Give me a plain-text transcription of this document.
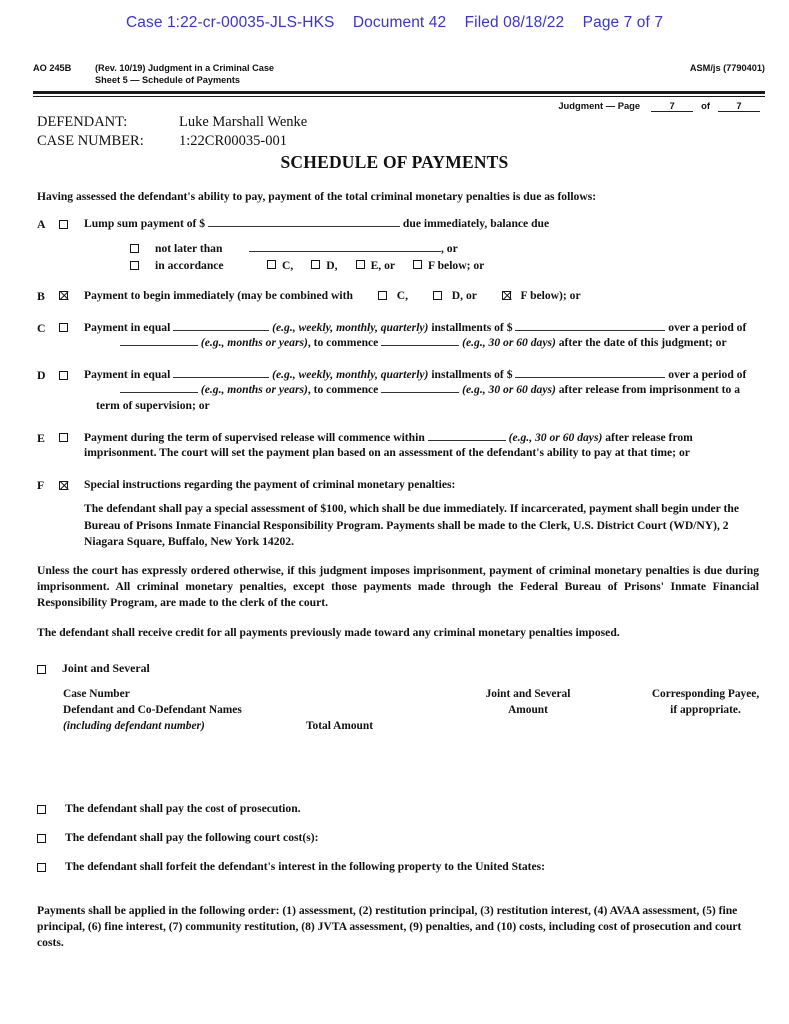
Case 1:22-cr-00035-JLS-HKS Document 42 Filed 08/18/22 Page 7 of 7
AO 245B	(Rev. 10/19) Judgment in a Criminal Case
Sheet 5 — Schedule of Payments
ASM/js (7790401)
Judgment — Page	7	of	7
DEFENDANT:	Luke Marshall Wenke
CASE NUMBER:	1:22CR00035-001
SCHEDULE OF PAYMENTS
Having assessed the defendant's ability to pay, payment of the total criminal monetary penalties is due as follows:
A	Lump sum payment of $	due immediately, balance due
not later than	, or
in accordance	C,	D,	E, or	F below; or
B	Payment to begin immediately (may be combined with	C,	D, or	F below); or
C	Payment in equal	(e.g., weekly, monthly, quarterly) installments of $	over a period of
(e.g., months or years), to commence	(e.g., 30 or 60 days) after the date of this judgment; or
D	Payment in equal	(e.g., weekly, monthly, quarterly) installments of $	over a period of
(e.g., months or years), to commence	(e.g., 30 or 60 days) after release from imprisonment to a
term of supervision; or
E	Payment during the term of supervised release will commence within	(e.g., 30 or 60 days) after release from
imprisonment. The court will set the payment plan based on an assessment of the defendant's ability to pay at that time; or
F	Special instructions regarding the payment of criminal monetary penalties:
The defendant shall pay a special assessment of $100, which shall be due immediately. If incarcerated, payment shall begin under the Bureau of Prisons Inmate Financial Responsibility Program. Payments shall be made to the Clerk, U.S. District Court (WD/NY), 2 Niagara Square, Buffalo, New York 14202.
Unless the court has expressly ordered otherwise, if this judgment imposes imprisonment, payment of criminal monetary penalties is due during imprisonment. All criminal monetary penalties, except those payments made through the Federal Bureau of Prisons' Inmate Financial Responsibility Program, are made to the clerk of the court.
The defendant shall receive credit for all payments previously made toward any criminal monetary penalties imposed.
Joint and Several
Case Number
Defendant and Co-Defendant Names
(including defendant number)	Total Amount
Joint and Several
Amount
Corresponding Payee,
if appropriate.
The defendant shall pay the cost of prosecution.
The defendant shall pay the following court cost(s):
The defendant shall forfeit the defendant's interest in the following property to the United States:
Payments shall be applied in the following order: (1) assessment, (2) restitution principal, (3) restitution interest, (4) AVAA assessment, (5) fine principal, (6) fine interest, (7) community restitution, (8) JVTA assessment, (9) penalties, and (10) costs, including cost of prosecution and court costs.
